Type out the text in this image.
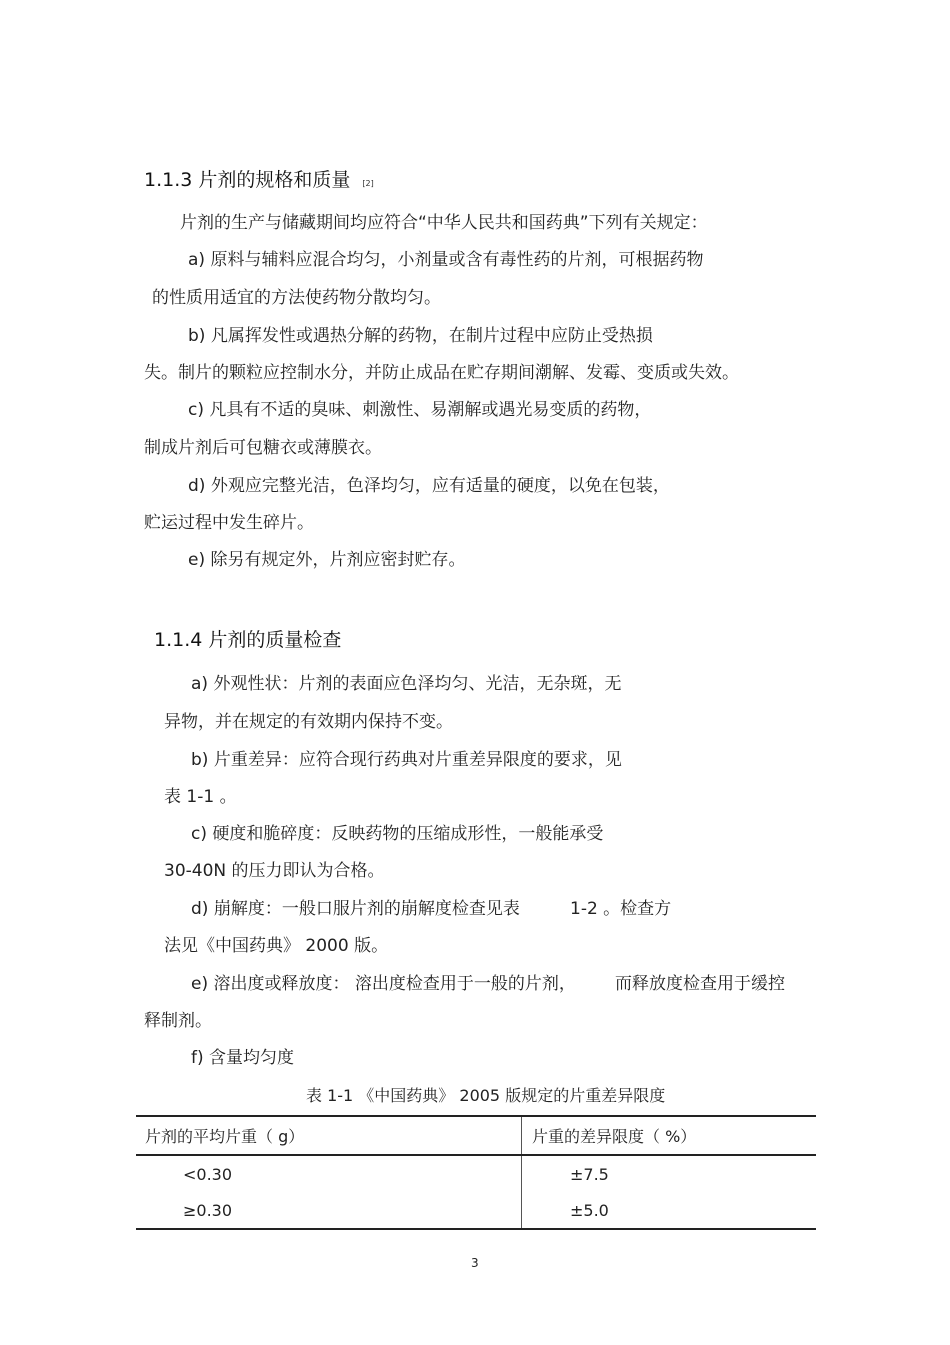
1.1.3 片剂的规格和质量 [2]
片剂的生产与储藏期间均应符合“中华人民共和国药典”下列有关规定：
a) 原料与辅料应混合均匀，小剂量或含有毒性药的片剂，可根据药物
的性质用适宜的方法使药物分散均匀。
b) 凡属挥发性或遇热分解的药物，在制片过程中应防止受热损
失。制片的颗粒应控制水分，并防止成品在贮存期间潮解、发霉、变质或失效。
c) 凡具有不适的臭味、刺激性、易潮解或遇光易变质的药物，
制成片剂后可包糖衣或薄膜衣。
d) 外观应完整光洁，色泽均匀，应有适量的硬度，以免在包装，
贮运过程中发生碎片。
e) 除另有规定外，片剂应密封贮存。
1.1.4 片剂的质量检查
a) 外观性状：片剂的表面应色泽均匀、光洁，无杂斑，无
异物，并在规定的有效期内保持不变。
b) 片重差异：应符合现行药典对片重差异限度的要求，见
表 1-1 。
c) 硬度和脆碎度：反映药物的压缩成形性，一般能承受
30-40N 的压力即认为合格。
d) 崩解度：一般口服片剂的崩解度检查见表	1-2 。检查方
法见《中国药典》 2000 版。
e) 溶出度或释放度： 溶出度检查用于一般的片剂， 而释放度检查用于缓控
释制剂。
f) 含量均匀度
表 1-1 《中国药典》 2005 版规定的片重差异限度
片剂的平均片重（ g）	片重的差异限度（ %）
<0.30	±7.5
≥0.30	±5.0
3
